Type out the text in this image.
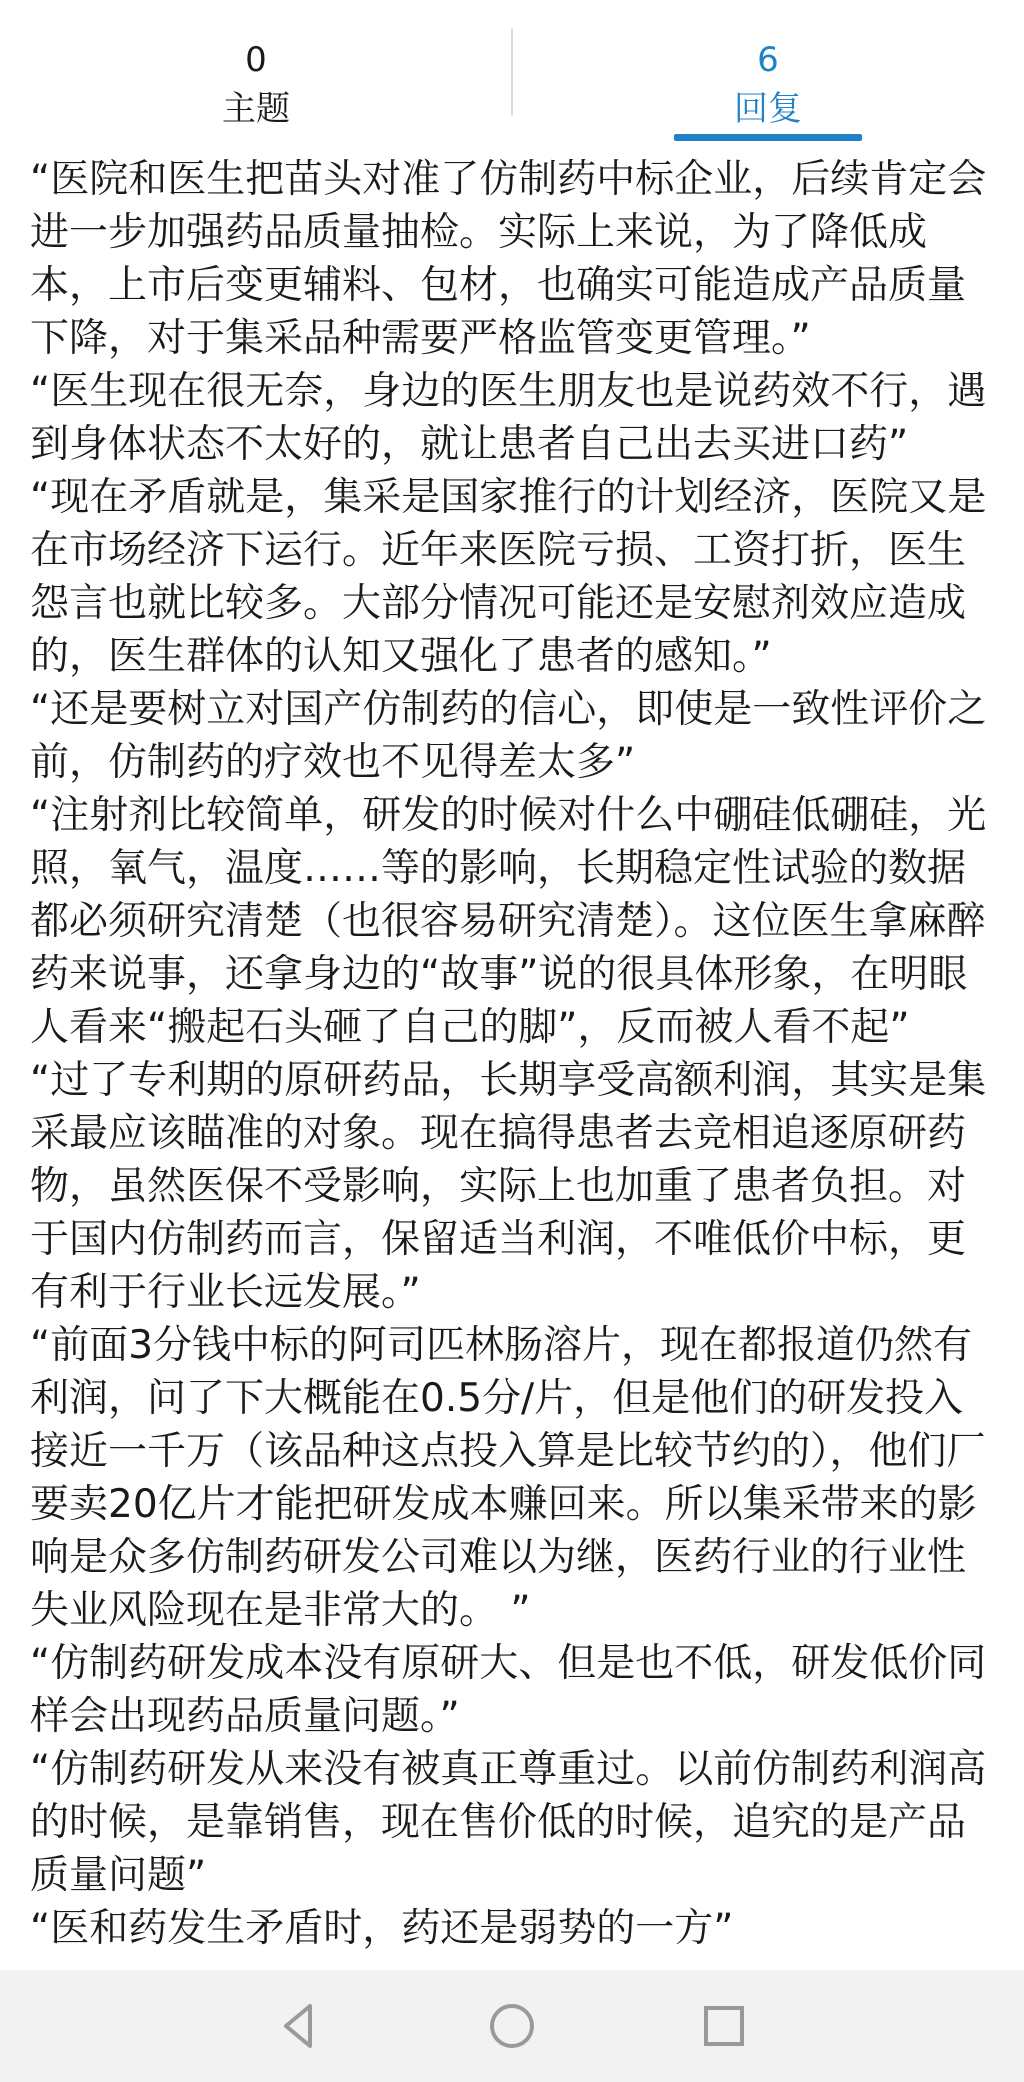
0
主题
6
回复

“医院和医生把苗头对准了仿制药中标企业，后续肯定会进一步加强药品质量抽检。实际上来说，为了降低成本，上市后变更辅料、包材，也确实可能造成产品质量下降，对于集采品种需要严格监管变更管理。”

“医生现在很无奈，身边的医生朋友也是说药效不行，遇到身体状态不太好的，就让患者自己出去买进口药”

“现在矛盾就是，集采是国家推行的计划经济，医院又是在市场经济下运行。近年来医院亏损、工资打折，医生怨言也就比较多。大部分情况可能还是安慰剂效应造成的，医生群体的认知又强化了患者的感知。”

“还是要树立对国产仿制药的信心，即使是一致性评价之前，仿制药的疗效也不见得差太多”

“注射剂比较简单，研发的时候对什么中硼硅低硼硅，光照，氧气，温度……等的影响，长期稳定性试验的数据都必须研究清楚（也很容易研究清楚）。这位医生拿麻醉药来说事，还拿身边的“故事”说的很具体形象，在明眼人看来“搬起石头砸了自己的脚”，反而被人看不起”

“过了专利期的原研药品，长期享受高额利润，其实是集采最应该瞄准的对象。现在搞得患者去竞相追逐原研药物，虽然医保不受影响，实际上也加重了患者负担。对于国内仿制药而言，保留适当利润，不唯低价中标，更有利于行业长远发展。”

“前面3分钱中标的阿司匹林肠溶片，现在都报道仍然有利润，问了下大概能在0.5分/片，但是他们的研发投入接近一千万（该品种这点投入算是比较节约的），他们厂要卖20亿片才能把研发成本赚回来。所以集采带来的影响是众多仿制药研发公司难以为继，医药行业的行业性失业风险现在是非常大的。 ”

“仿制药研发成本没有原研大、但是也不低，研发低价同样会出现药品质量问题。”

“仿制药研发从来没有被真正尊重过。以前仿制药利润高的时候，是靠销售，现在售价低的时候，追究的是产品质量问题”

“医和药发生矛盾时，药还是弱势的一方”
